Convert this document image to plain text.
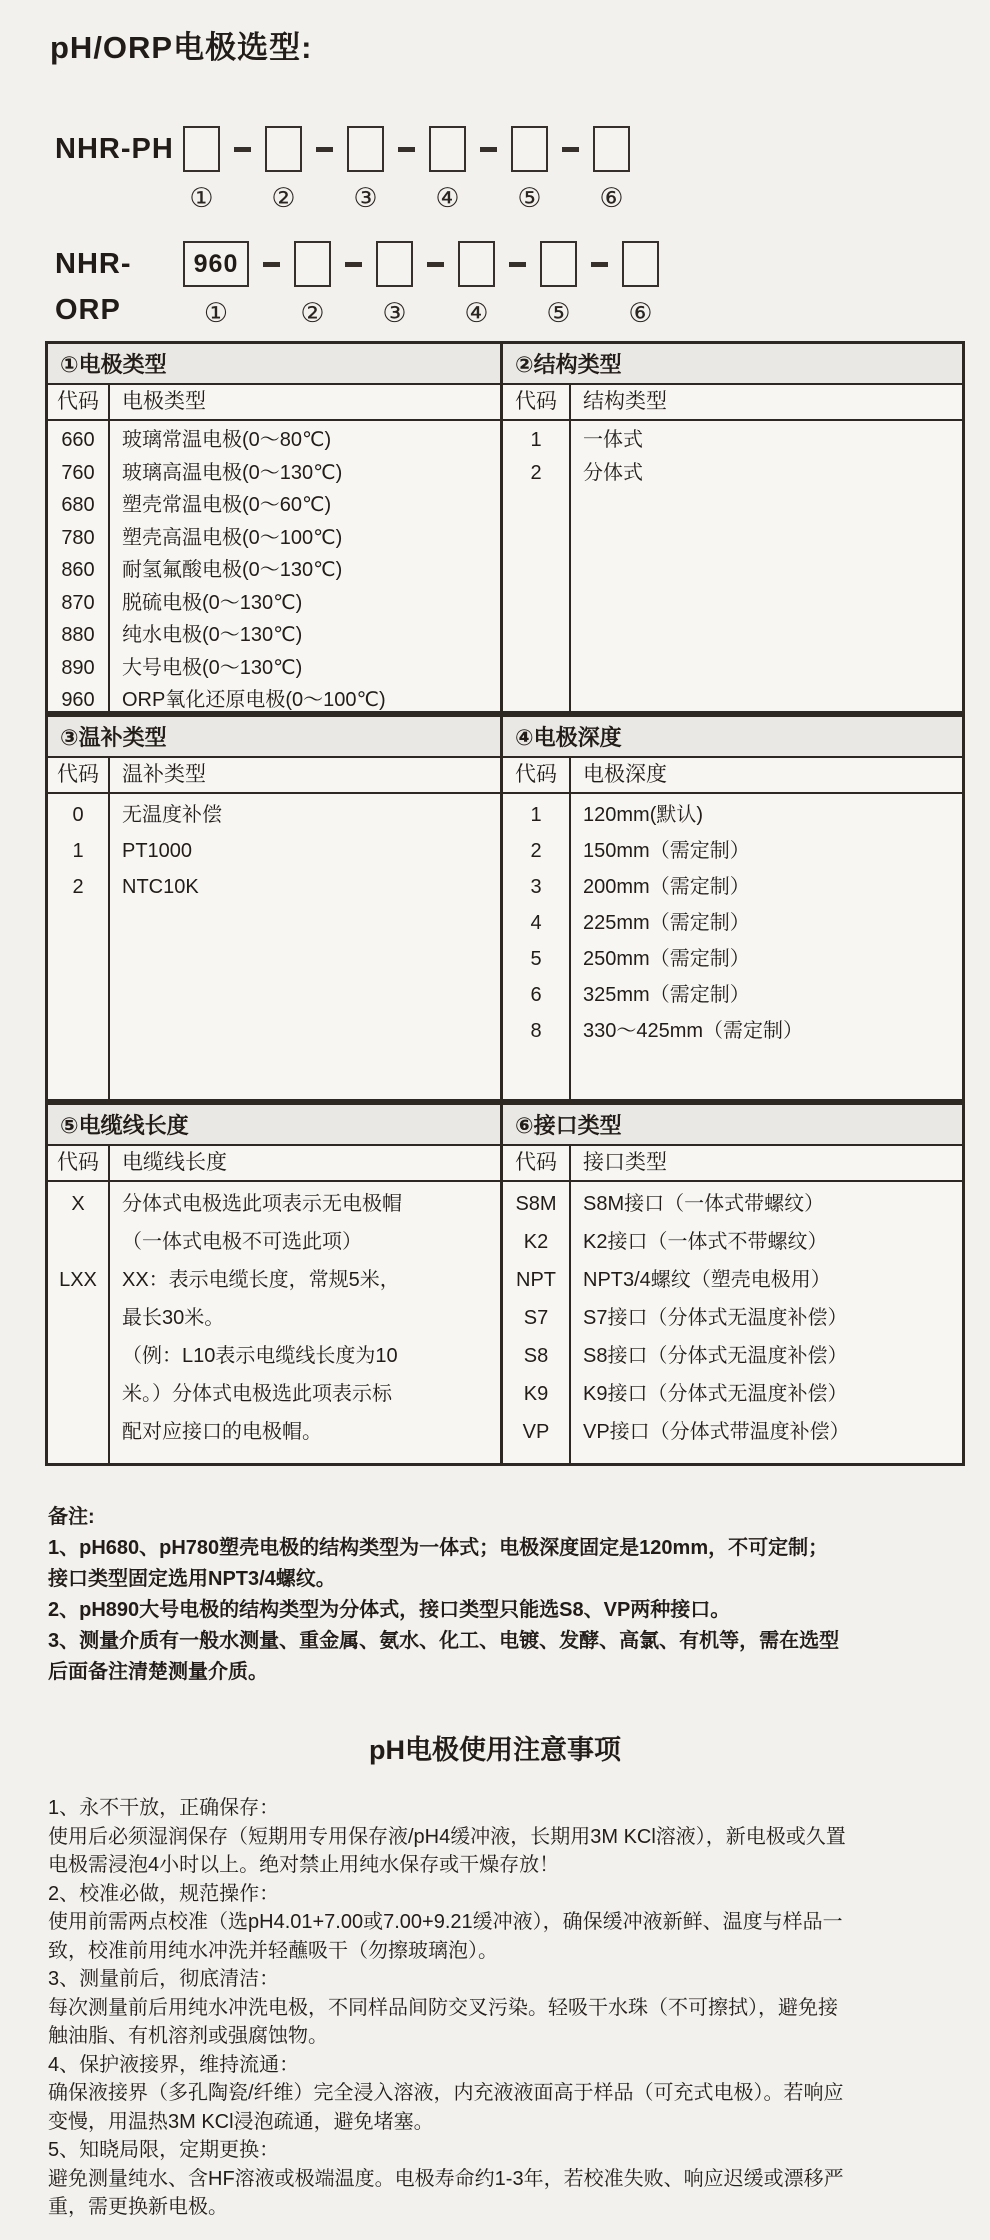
pH/ORP电极选型:
NHR-PH
① ② ③ ④ ⑤ ⑥
NHR-ORP
960
①	② ③ ④ ⑤ ⑥
①电极类型
代码	电极类型
660	玻璃常温电极(0～80℃)
760	玻璃高温电极(0～130℃)
680	塑壳常温电极(0～60℃)
780	塑壳高温电极(0～100℃)
860	耐氢氟酸电极(0～130℃)
870	脱硫电极(0～130℃)
880	纯水电极(0～130℃)
890	大号电极(0～130℃)
960	ORP氧化还原电极(0～100℃)
②结构类型
代码	结构类型
1	一体式
2	分体式
③温补类型
代码	温补类型
0	无温度补偿
1	PT1000
2	NTC10K
④电极深度
代码	电极深度
1	120mm(默认)
2	150mm（需定制）
3	200mm（需定制）
4	225mm（需定制）
5	250mm（需定制）
6	325mm（需定制）
8	330～425mm（需定制）
⑤电缆线长度
代码	电缆线长度
X	分体式电极选此项表示无电极帽
（一体式电极不可选此项）
LXX	XX：表示电缆长度，常规5米，
最长30米。
（例：L10表示电缆线长度为10
米。）分体式电极选此项表示标
配对应接口的电极帽。
⑥接口类型
代码	接口类型
S8M	S8M接口（一体式带螺纹）
K2	K2接口（一体式不带螺纹）
NPT	NPT3/4螺纹（塑壳电极用）
S7	S7接口（分体式无温度补偿）
S8	S8接口（分体式无温度补偿）
K9	K9接口（分体式无温度补偿）
VP	VP接口（分体式带温度补偿）
备注:
1、pH680、pH780塑壳电极的结构类型为一体式；电极深度固定是120mm，不可定制；
接口类型固定选用NPT3/4螺纹。
2、pH890大号电极的结构类型为分体式，接口类型只能选S8、VP两种接口。
3、测量介质有一般水测量、重金属、氨水、化工、电镀、发酵、高氯、有机等，需在选型
后面备注清楚测量介质。
pH电极使用注意事项
1、永不干放，正确保存：
使用后必须湿润保存（短期用专用保存液/pH4缓冲液，长期用3M KCl溶液），新电极或久置
电极需浸泡4小时以上。绝对禁止用纯水保存或干燥存放！
2、校准必做，规范操作：
使用前需两点校准（选pH4.01+7.00或7.00+9.21缓冲液），确保缓冲液新鲜、温度与样品一
致，校准前用纯水冲洗并轻蘸吸干（勿擦玻璃泡）。
3、测量前后，彻底清洁：
每次测量前后用纯水冲洗电极，不同样品间防交叉污染。轻吸干水珠（不可擦拭），避免接
触油脂、有机溶剂或强腐蚀物。
4、保护液接界，维持流通：
确保液接界（多孔陶瓷/纤维）完全浸入溶液，内充液液面高于样品（可充式电极）。若响应
变慢，用温热3M KCl浸泡疏通，避免堵塞。
5、知晓局限，定期更换：
避免测量纯水、含HF溶液或极端温度。电极寿命约1-3年，若校准失败、响应迟缓或漂移严
重，需更换新电极。
